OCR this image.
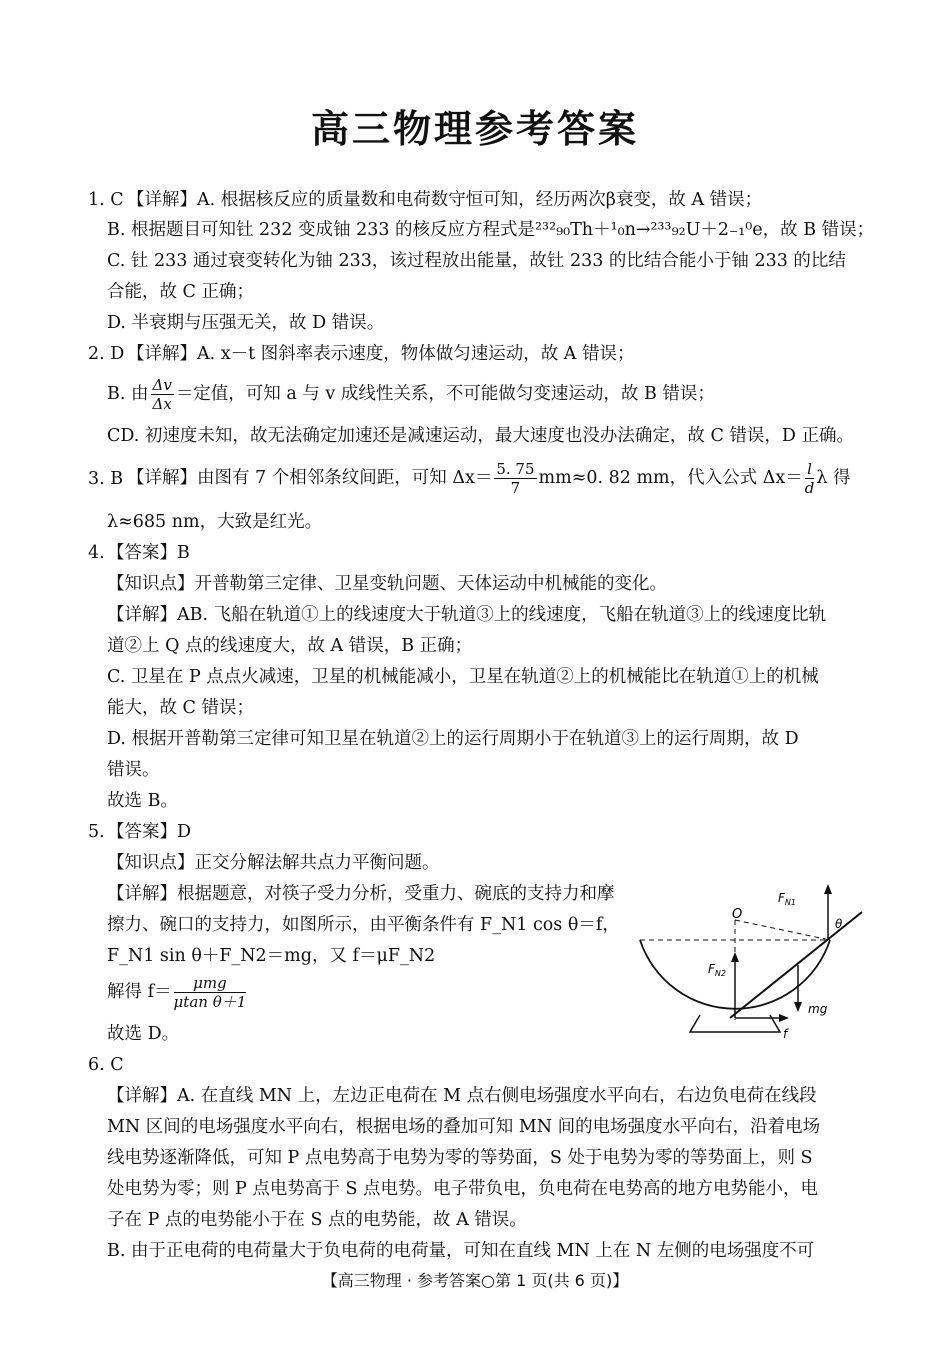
高三物理参考答案
1. C 【详解】A. 根据核反应的质量数和电荷数守恒可知，经历两次β衰变，故 A 错误；
B. 根据题目可知钍 232 变成铀 233 的核反应方程式是²³²₉₀Th＋¹₀n→²³³₉₂U＋2₋₁⁰e，故 B 错误；
C. 钍 233 通过衰变转化为铀 233，该过程放出能量，故钍 233 的比结合能小于铀 233 的比结
合能，故 C 正确；
D. 半衰期与压强无关，故 D 错误。
2. D 【详解】A. x－t 图斜率表示速度，物体做匀速运动，故 A 错误；
B. 由 $\frac{\Delta v}{\Delta x}$ ＝定值，可知 a 与 v 成线性关系，不可能做匀变速运动，故 B 错误；
CD. 初速度未知，故无法确定加速还是减速运动，最大速度也没办法确定，故 C 错误，D 正确。
3. B 【详解】由图有 7 个相邻条纹间距，可知 $\Delta x= \frac{5. 75}{7} mm\approx 0$. 82 mm，代入公式 $\Delta x= \frac{l}{d}$ λ 得
λ≈685 nm，大致是红光。
4. 【答案】B
【知识点】开普勒第三定律、卫星变轨问题、天体运动中机械能的变化。
【详解】AB. 飞船在轨道①上的线速度大于轨道③上的线速度，飞船在轨道③上的线速度比轨
道②上 Q 点的线速度大，故 A 错误，B 正确；
C. 卫星在 P 点点火减速，卫星的机械能减小，卫星在轨道②上的机械能比在轨道①上的机械
能大，故 C 错误；
D. 根据开普勒第三定律可知卫星在轨道②上的运行周期小于在轨道③上的运行周期，故 D
错误。
故选 B。
5. 【答案】D
【知识点】正交分解法解共点力平衡问题。
【详解】根据题意，对筷子受力分析，受重力、碗底的支持力和摩
擦力、碗口的支持力，如图所示，由平衡条件有 F_N1 cos θ＝f，
F_N1 sin θ＋F_N2＝mg，又 f＝μF_N2
解得 $f= \frac{\text{μmg}}{\text{μtan θ＋1}}$
故选 D。
O
$F_{N1}$
$F_{N2}$
θ
mg
f
6. C
【详解】A. 在直线 MN 上，左边正电荷在 M 点右侧电场强度水平向右，右边负电荷在线段
MN 区间的电场强度水平向右，根据电场的叠加可知 MN 间的电场强度水平向右，沿着电场
线电势逐渐降低，可知 P 点电势高于电势为零的等势面，S 处于电势为零的等势面上，则 S
处电势为零；则 P 点电势高于 S 点电势。电子带负电，负电荷在电势高的地方电势能小，电
子在 P 点的电势能小于在 S 点的电势能，故 A 错误。
B. 由于正电荷的电荷量大于负电荷的电荷量，可知在直线 MN 上在 N 左侧的电场强度不可
【高三物理 · 参考答案○第 1 页(共 6 页)】
